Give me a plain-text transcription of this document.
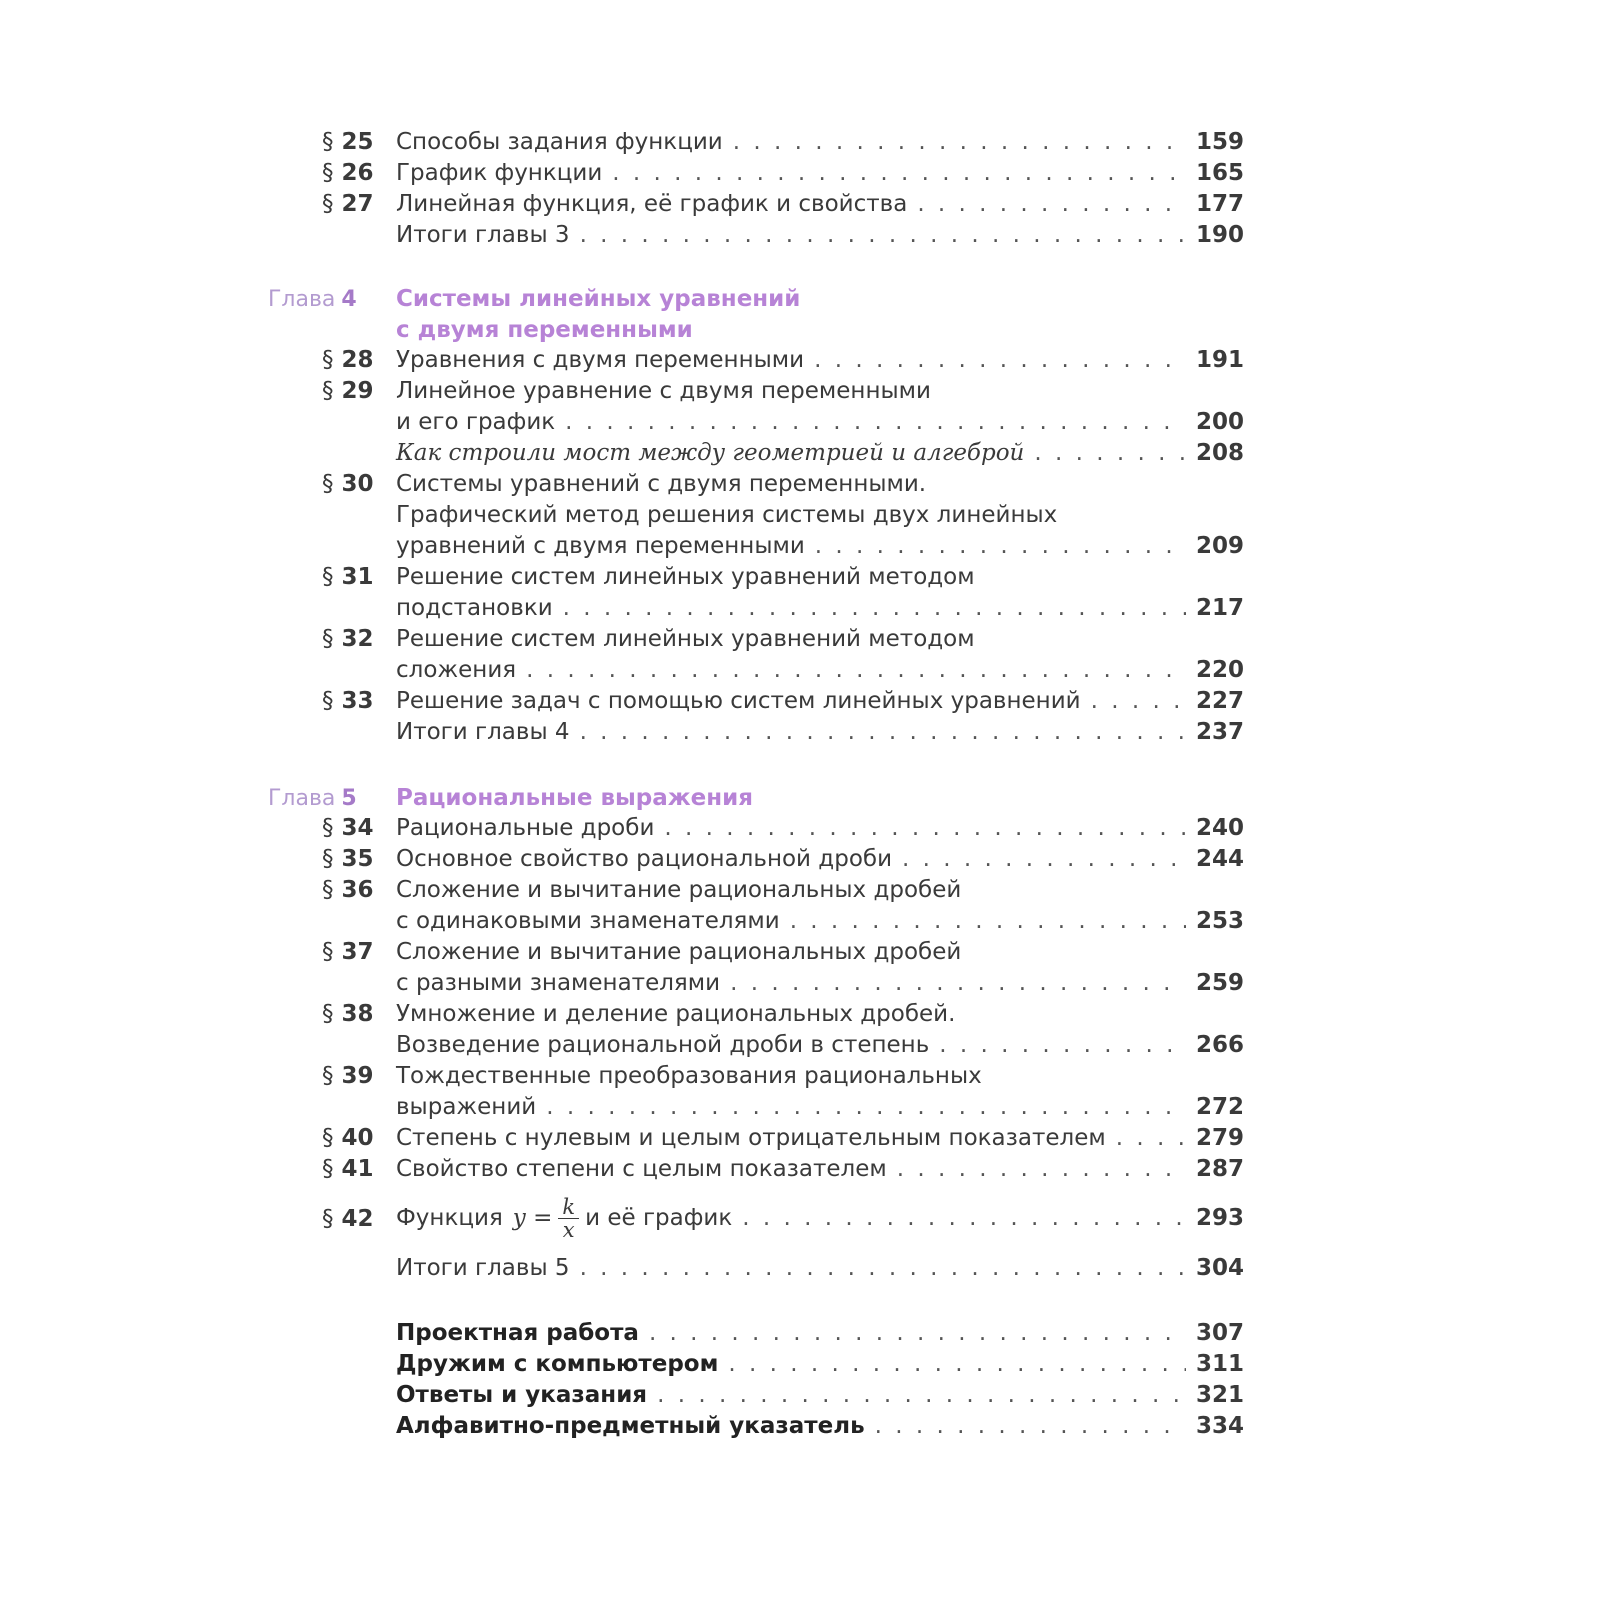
§ 25 Способы задания функции . . .	159
§ 26 График функции . . .	165
§ 27 Линейная функция, её график и свойства . . .	177
Итоги главы 3 . . .	190
Глава 4 Системы линейных уравнений
с двумя переменными
§ 28 Уравнения с двумя переменными . . .	191
§ 29 Линейное уравнение с двумя переменными
и его график . . .	200
Как строили мост между геометрией и алгеброй . . .	208
§ 30 Системы уравнений с двумя переменными.
Графический метод решения системы двух линейных
уравнений с двумя переменными . . .	209
§ 31 Решение систем линейных уравнений методом
подстановки . . .	217
§ 32 Решение систем линейных уравнений методом
сложения . . .	220
§ 33 Решение задач с помощью систем линейных уравнений . . .	227
Итоги главы 4 . . .	237
Глава 5 Рациональные выражения
§ 34 Рациональные дроби . . .	240
§ 35 Основное свойство рациональной дроби . . .	244
§ 36 Сложение и вычитание рациональных дробей
с одинаковыми знаменателями . . .	253
§ 37 Сложение и вычитание рациональных дробей
с разными знаменателями . . .	259
§ 38 Умножение и деление рациональных дробей.
Возведение рациональной дроби в степень . . .	266
§ 39 Тождественные преобразования рациональных
выражений . . .	272
§ 40 Степень с нулевым и целым отрицательным показателем . . .	279
§ 41 Свойство степени с целым показателем . . .	287
§ 42 Функция $y = \frac{k}{x}$ и её график . . .	293
Итоги главы 5 . . .	304
Проектная работа . . .	307
Дружим с компьютером . . .	311
Ответы и указания . . .	321
Алфавитно-предметный указатель . . .	334
